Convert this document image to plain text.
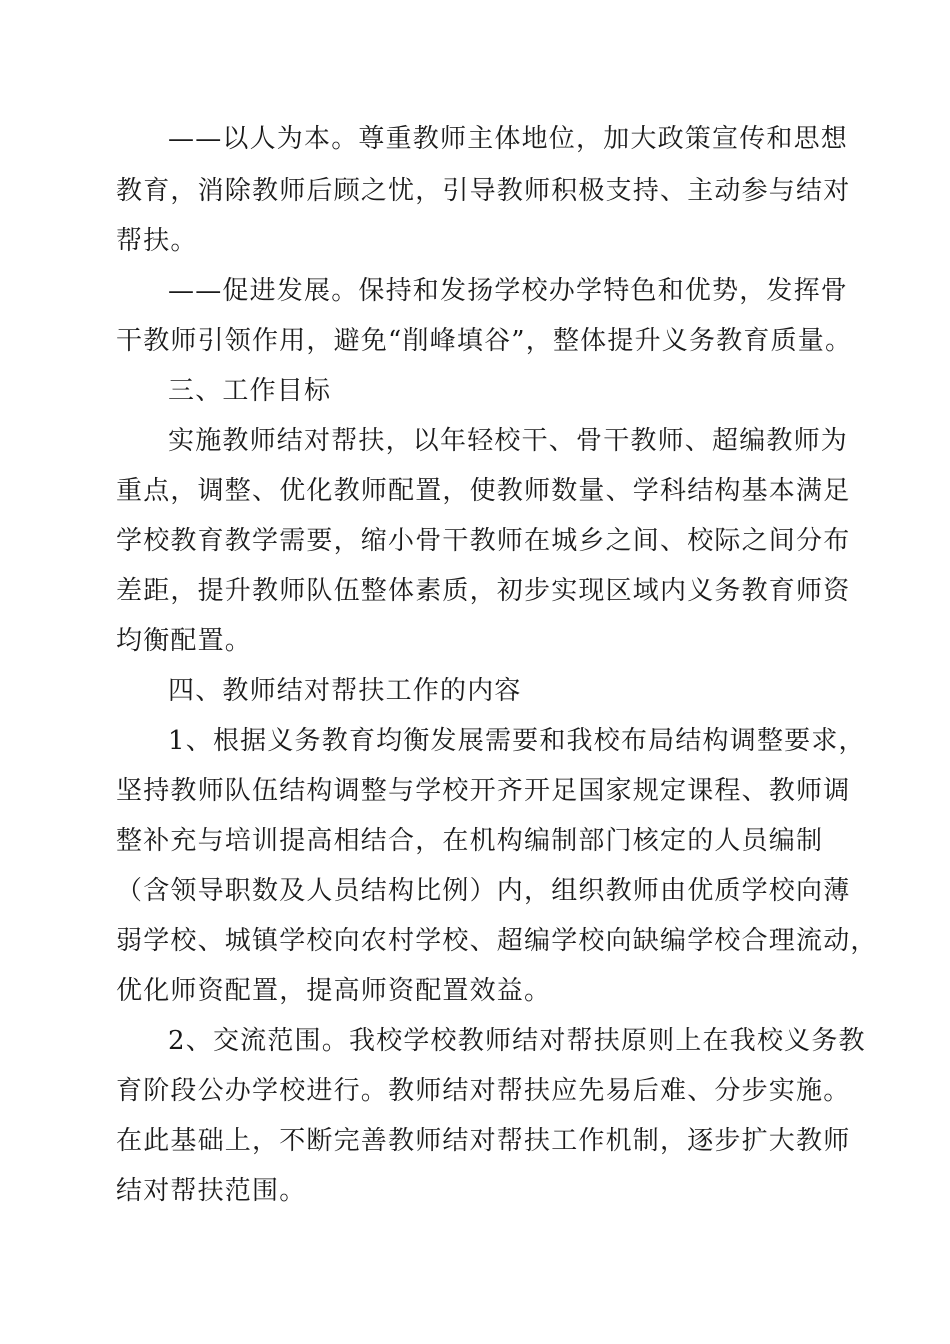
——以人为本。尊重教师主体地位，加大政策宣传和思想
教育，消除教师后顾之忧，引导教师积极支持、主动参与结对
帮扶。
——促进发展。保持和发扬学校办学特色和优势，发挥骨
干教师引领作用，避免“削峰填谷”，整体提升义务教育质量。
三、工作目标
实施教师结对帮扶，以年轻校干、骨干教师、超编教师为
重点，调整、优化教师配置，使教师数量、学科结构基本满足
学校教育教学需要，缩小骨干教师在城乡之间、校际之间分布
差距，提升教师队伍整体素质，初步实现区域内义务教育师资
均衡配置。
四、教师结对帮扶工作的内容
1、根据义务教育均衡发展需要和我校布局结构调整要求，
坚持教师队伍结构调整与学校开齐开足国家规定课程、教师调
整补充与培训提高相结合，在机构编制部门核定的人员编制
（含领导职数及人员结构比例）内，组织教师由优质学校向薄
弱学校、城镇学校向农村学校、超编学校向缺编学校合理流动，
优化师资配置，提高师资配置效益。
2、交流范围。我校学校教师结对帮扶原则上在我校义务教
育阶段公办学校进行。教师结对帮扶应先易后难、分步实施。
在此基础上，不断完善教师结对帮扶工作机制，逐步扩大教师
结对帮扶范围。
